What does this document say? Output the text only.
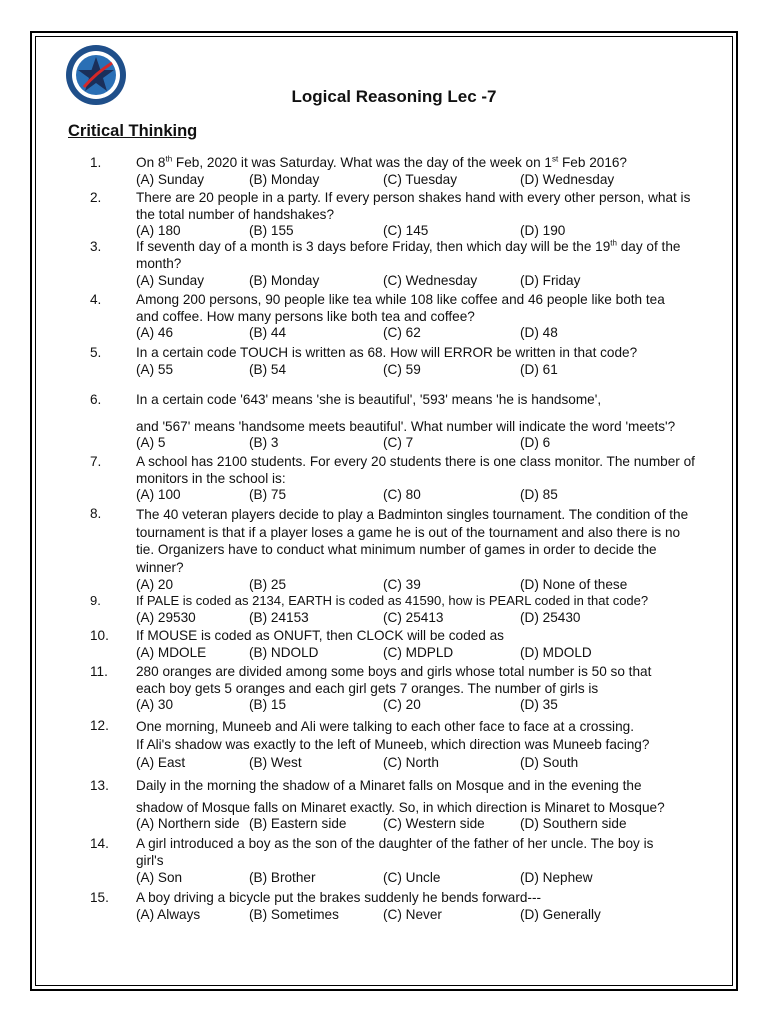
Logical Reasoning Lec -7
Critical Thinking
1.	On 8th Feb, 2020 it was Saturday. What was the day of the week on 1st Feb 2016?
(A) Sunday	(B) Monday	(C) Tuesday	(D) Wednesday
2.	There are 20 people in a party. If every person shakes hand with every other person, what is
the total number of handshakes?
(A) 180	(B) 155	(C) 145	(D) 190
3.	If seventh day of a month is 3 days before Friday, then which day will be the 19th day of the
month?
(A) Sunday	(B) Monday	(C) Wednesday	(D) Friday
4.	Among 200 persons, 90 people like tea while 108 like coffee and 46 people like both tea
and coffee. How many persons like both tea and coffee?
(A) 46	(B) 44	(C) 62	(D) 48
5.	In a certain code TOUCH is written as 68. How will ERROR be written in that code?
(A) 55	(B) 54	(C) 59	(D) 61
6.	In a certain code '643' means 'she is beautiful', '593' means 'he is handsome',
and '567' means 'handsome meets beautiful'. What number will indicate the word 'meets'?
(A) 5	(B) 3	(C) 7	(D) 6
7.	A school has 2100 students. For every 20 students there is one class monitor. The number of
monitors in the school is:
(A) 100	(B) 75	(C) 80	(D) 85
8.	The 40 veteran players decide to play a Badminton singles tournament. The condition of the
tournament is that if a player loses a game he is out of the tournament and also there is no
tie. Organizers have to conduct what minimum number of games in order to decide the
winner?
(A) 20	(B) 25	(C) 39	(D) None of these
9.	If PALE is coded as 2134, EARTH is coded as 41590, how is PEARL coded in that code?
(A) 29530	(B) 24153	(C) 25413	(D) 25430
10. If MOUSE is coded as ONUFT, then CLOCK will be coded as
(A) MDOLE	(B) NDOLD	(C) MDPLD	(D) MDOLD
11. 280 oranges are divided among some boys and girls whose total number is 50 so that
each boy gets 5 oranges and each girl gets 7 oranges. The number of girls is
(A) 30	(B) 15	(C) 20	(D) 35
12. One morning, Muneeb and Ali were talking to each other face to face at a crossing.
If Ali's shadow was exactly to the left of Muneeb, which direction was Muneeb facing?
(A) East	(B) West	(C) North	(D) South
13. Daily in the morning the shadow of a Minaret falls on Mosque and in the evening the
shadow of Mosque falls on Minaret exactly. So, in which direction is Minaret to Mosque?
(A) Northern side (B) Eastern side	(C) Western side	(D) Southern side
14. A girl introduced a boy as the son of the daughter of the father of her uncle. The boy is
girl's
(A) Son	(B) Brother	(C) Uncle	(D) Nephew
15. A boy driving a bicycle put the brakes suddenly he bends forward---
(A) Always	(B) Sometimes	(C) Never	(D) Generally
